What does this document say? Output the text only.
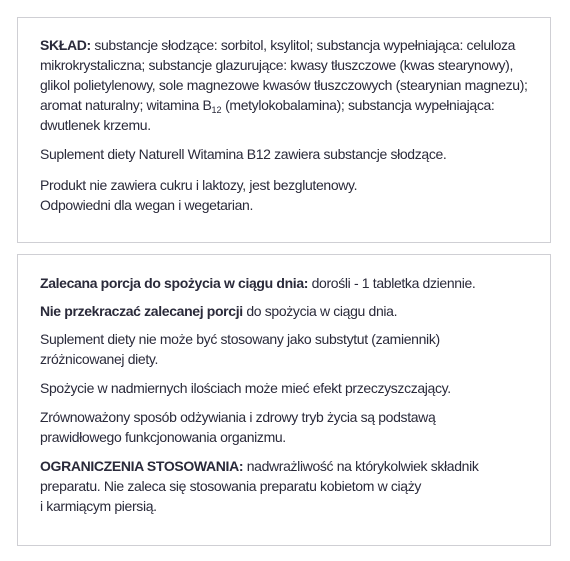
SKŁAD: substancje słodzące: sorbitol, ksylitol; substancja wypełniająca: celuloza
mikrokrystaliczna; substancje glazurujące: kwasy tłuszczowe (kwas stearynowy),
glikol polietylenowy, sole magnezowe kwasów tłuszczowych (stearynian magnezu);
aromat naturalny; witamina $B_{12}$ (metylokobalamina); substancja wypełniająca:
dwutlenek krzemu.

Suplement diety Naturell Witamina B12 zawiera substancje słodzące.

Produkt nie zawiera cukru i laktozy, jest bezglutenowy.
Odpowiedni dla wegan i wegetarian.

Zalecana porcja do spożycia w ciągu dnia: dorośli - 1 tabletka dziennie.

Nie przekraczać zalecanej porcji do spożycia w ciągu dnia.

Suplement diety nie może być stosowany jako substytut (zamiennik)
zróżnicowanej diety.

Spożycie w nadmiernych ilościach może mieć efekt przeczyszczający.

Zrównoważony sposób odżywiania i zdrowy tryb życia są podstawą
prawidłowego funkcjonowania organizmu.

OGRANICZENIA STOSOWANIA: nadwrażliwość na którykolwiek składnik
preparatu. Nie zaleca się stosowania preparatu kobietom w ciąży
i karmiącym piersią.
